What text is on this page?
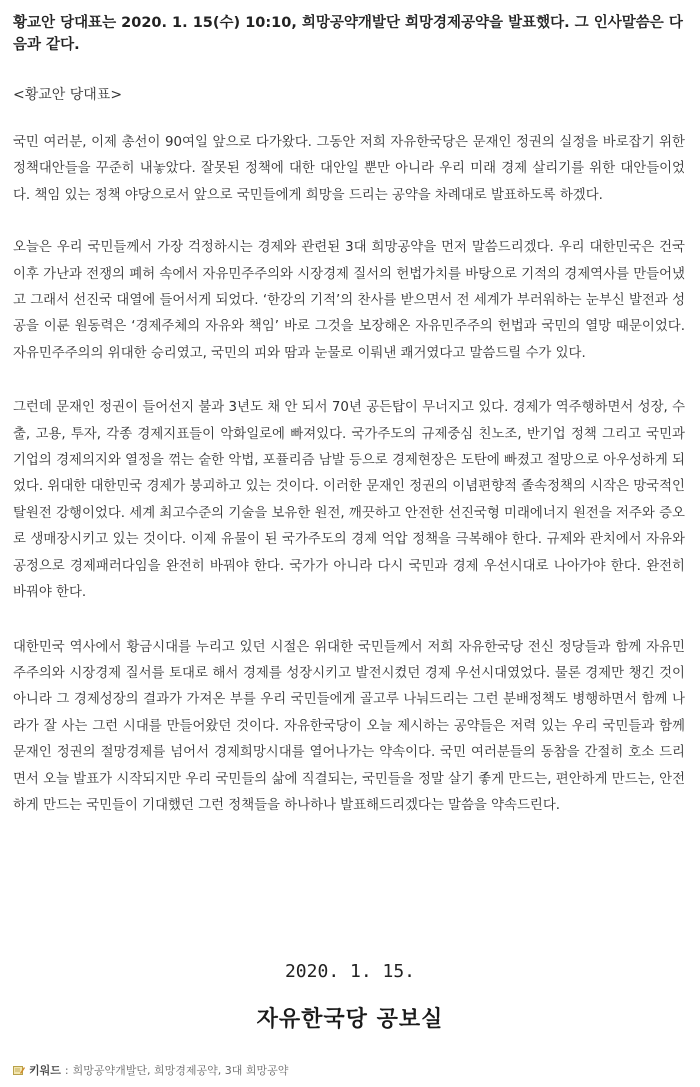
황교안 당대표는 2020. 1. 15(수) 10:10, 희망공약개발단 희망경제공약을 발표했다. 그 인사말씀은 다음과 같다.

<황교안 당대표>

국민 여러분, 이제 총선이 90여일 앞으로 다가왔다. 그동안 저희 자유한국당은 문재인 정권의 실정을 바로잡기 위한 정책대안들을 꾸준히 내놓았다. 잘못된 정책에 대한 대안일 뿐만 아니라 우리 미래 경제 살리기를 위한 대안들이었다. 책임 있는 정책 야당으로서 앞으로 국민들에게 희망을 드리는 공약을 차례대로 발표하도록 하겠다.

오늘은 우리 국민들께서 가장 걱정하시는 경제와 관련된 3대 희망공약을 먼저 말씀드리겠다. 우리 대한민국은 건국 이후 가난과 전쟁의 폐허 속에서 자유민주주의와 시장경제 질서의 헌법가치를 바탕으로 기적의 경제역사를 만들어냈고 그래서 선진국 대열에 들어서게 되었다. ‘한강의 기적’의 찬사를 받으면서 전 세계가 부러워하는 눈부신 발전과 성공을 이룬 원동력은 ‘경제주체의 자유와 책임’ 바로 그것을 보장해온 자유민주주의 헌법과 국민의 열망 때문이었다. 자유민주주의의 위대한 승리였고, 국민의 피와 땀과 눈물로 이뤄낸 쾌거였다고 말씀드릴 수가 있다.

그런데 문재인 정권이 들어선지 불과 3년도 채 안 되서 70년 공든탑이 무너지고 있다. 경제가 역주행하면서 성장, 수출, 고용, 투자, 각종 경제지표들이 악화일로에 빠져있다. 국가주도의 규제중심 친노조, 반기업 정책 그리고 국민과 기업의 경제의지와 열정을 꺾는 숱한 악법, 포퓰리즘 남발 등으로 경제현장은 도탄에 빠졌고 절망으로 아우성하게 되었다. 위대한 대한민국 경제가 붕괴하고 있는 것이다. 이러한 문재인 정권의 이념편향적 졸속정책의 시작은 망국적인 탈원전 강행이었다. 세계 최고수준의 기술을 보유한 원전, 깨끗하고 안전한 선진국형 미래에너지 원전을 저주와 증오로 생매장시키고 있는 것이다. 이제 유물이 된 국가주도의 경제 억압 정책을 극복해야 한다. 규제와 관치에서 자유와 공정으로 경제패러다임을 완전히 바꿔야 한다. 국가가 아니라 다시 국민과 경제 우선시대로 나아가야 한다. 완전히 바꿔야 한다.

대한민국 역사에서 황금시대를 누리고 있던 시절은 위대한 국민들께서 저희 자유한국당 전신 정당들과 함께 자유민주주의와 시장경제 질서를 토대로 해서 경제를 성장시키고 발전시켰던 경제 우선시대였었다. 물론 경제만 챙긴 것이 아니라 그 경제성장의 결과가 가져온 부를 우리 국민들에게 골고루 나눠드리는 그런 분배정책도 병행하면서 함께 나라가 잘 사는 그런 시대를 만들어왔던 것이다. 자유한국당이 오늘 제시하는 공약들은 저력 있는 우리 국민들과 함께 문재인 정권의 절망경제를 넘어서 경제희망시대를 열어나가는 약속이다. 국민 여러분들의 동참을 간절히 호소 드리면서 오늘 발표가 시작되지만 우리 국민들의 삶에 직결되는, 국민들을 정말 살기 좋게 만드는, 편안하게 만드는, 안전하게 만드는 국민들이 기대했던 그런 정책들을 하나하나 발표해드리겠다는 말씀을 약속드린다.

2020. 1. 15.
자유한국당 공보실
키워드 : 희망공약개발단, 희망경제공약, 3대 희망공약
